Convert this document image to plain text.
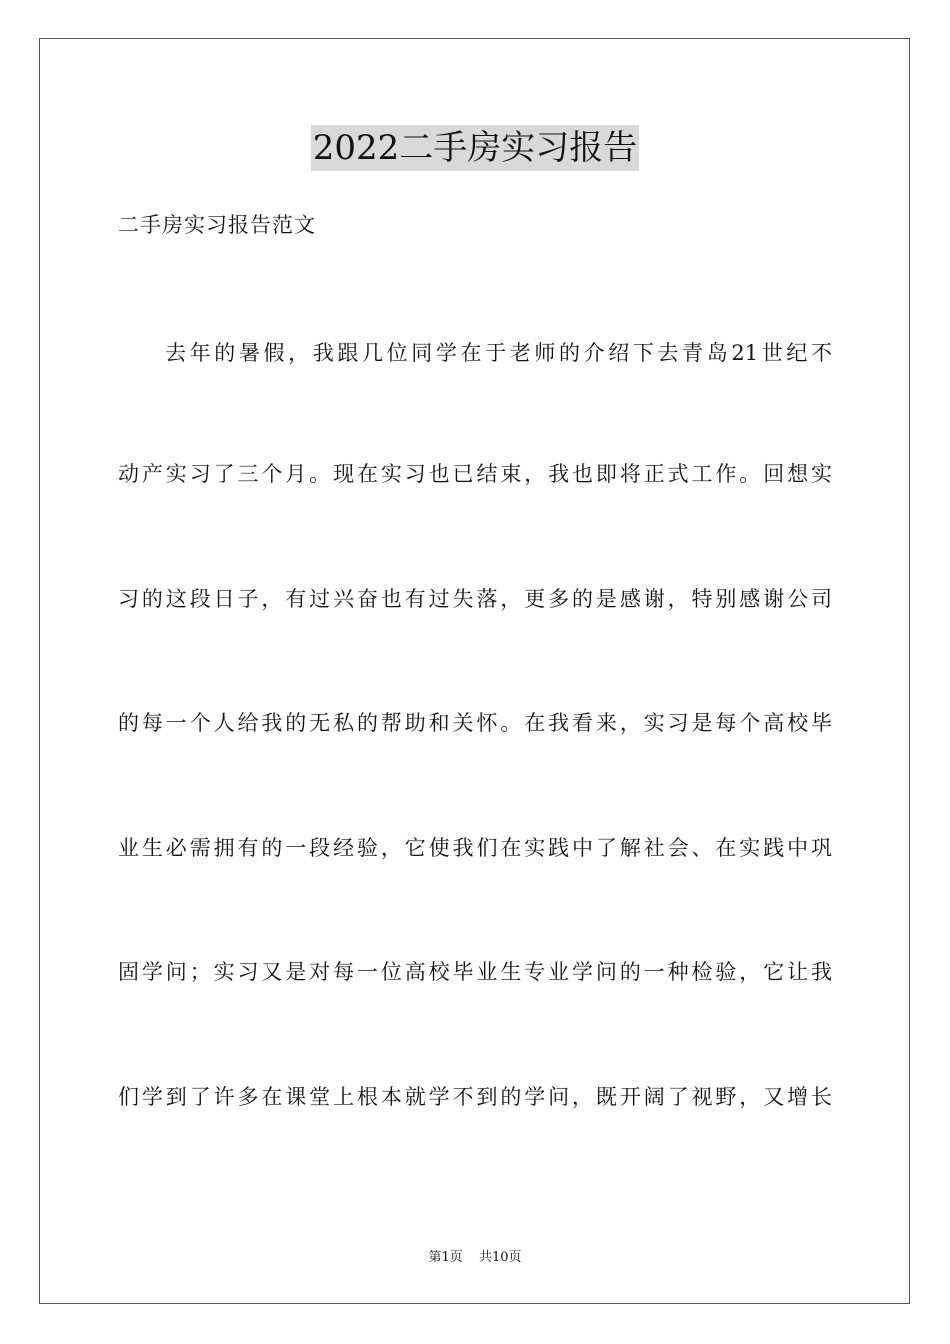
2022二手房实习报告
二手房实习报告范文
去年的暑假，我跟几位同学在于老师的介绍下去青岛21世纪不
动产实习了三个月。现在实习也已结束，我也即将正式工作。回想实
习的这段日子，有过兴奋也有过失落，更多的是感谢，特别感谢公司
的每一个人给我的无私的帮助和关怀。在我看来，实习是每个高校毕
业生必需拥有的一段经验，它使我们在实践中了解社会、在实践中巩
固学问；实习又是对每一位高校毕业生专业学问的一种检验，它让我
们学到了许多在课堂上根本就学不到的学问，既开阔了视野，又增长
第1页 共10页
